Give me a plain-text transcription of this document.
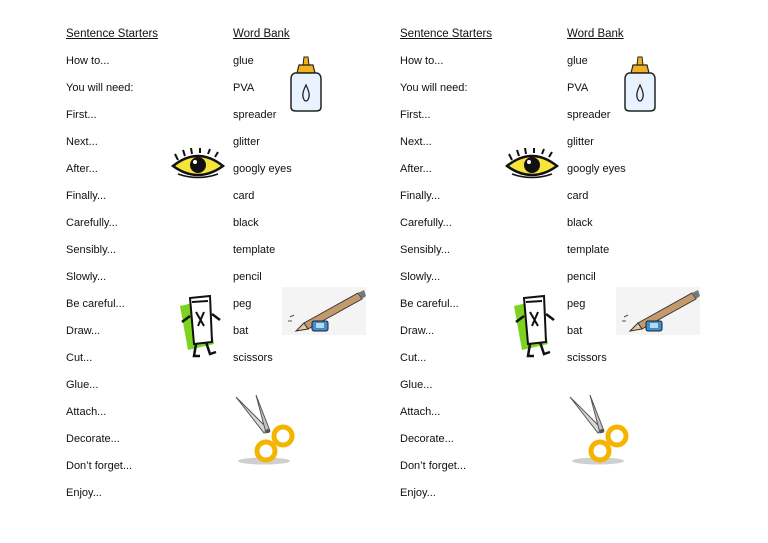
Sentence Starters
How to...
You will need:
First...
Next...
After...
Finally...
Carefully...
Sensibly...
Slowly...
Be careful...
Draw...
Cut...
Glue...
Attach...
Decorate...
Don’t forget...
Enjoy...
Word Bank
glue
PVA
spreader
glitter
googly eyes
card
black
template
pencil
peg
bat
scissors
Sentence Starters
How to...
You will need:
First...
Next...
After...
Finally...
Carefully...
Sensibly...
Slowly...
Be careful...
Draw...
Cut...
Glue...
Attach...
Decorate...
Don’t forget...
Enjoy...
Word Bank
glue
PVA
spreader
glitter
googly eyes
card
black
template
pencil
peg
bat
scissors
